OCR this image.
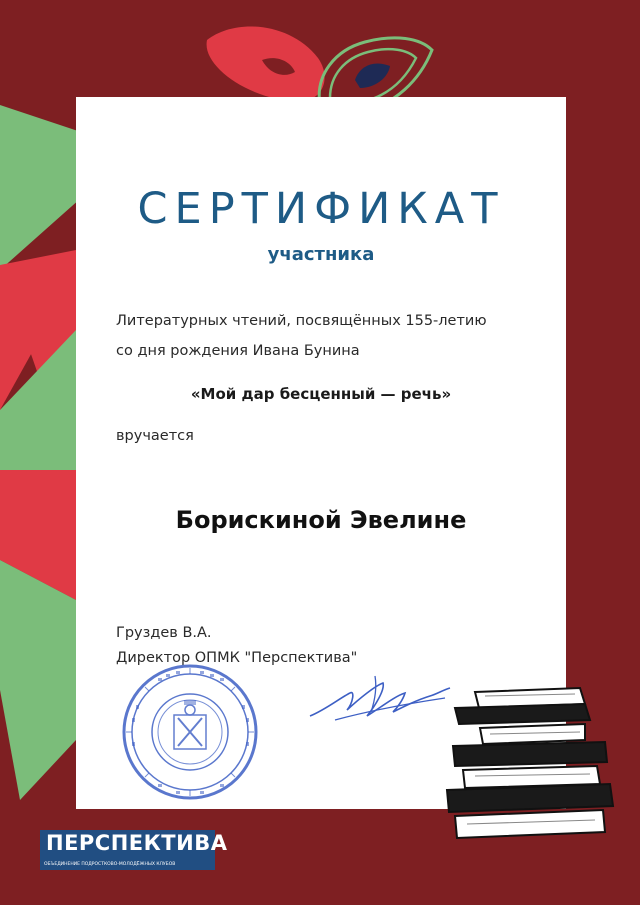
СЕРТИФИКАТ
участника
Литературных чтений, посвящённых 155-летию
со дня рождения Ивана Бунина
«Мой дар бесценный — речь»
вручается
Борискиной Эвелине
Груздев В.А.
Директор ОПМК "Перспектива"
ПЕРСПЕКТИВА
ОБЪЕДИНЕНИЕ ПОДРОСТКОВО-МОЛОДЁЖНЫХ КЛУБОВ
